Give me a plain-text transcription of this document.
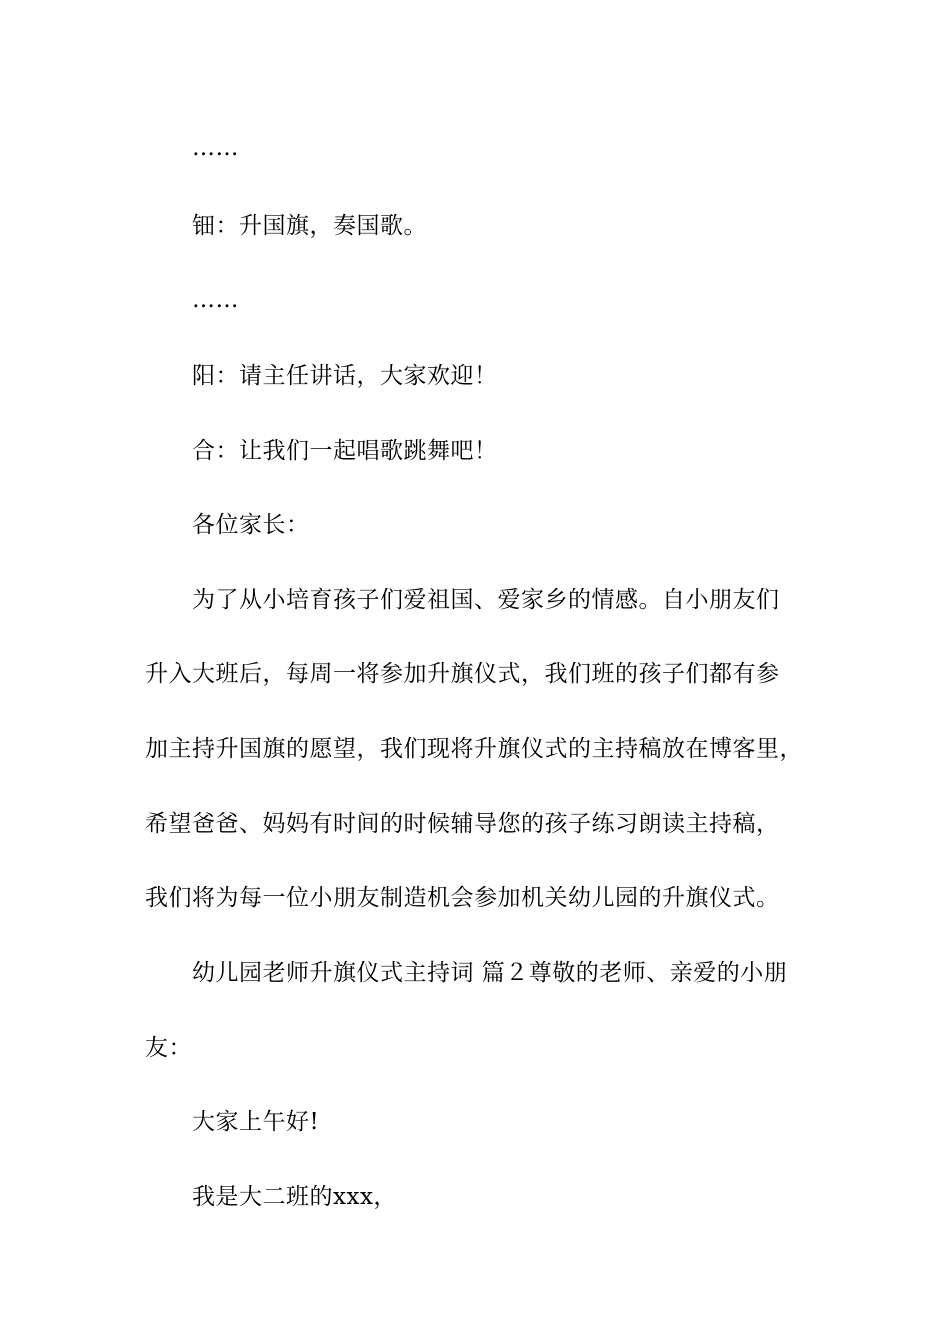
……
钿：升国旗，奏国歌。
……
阳：请主任讲话，大家欢迎！
合：让我们一起唱歌跳舞吧！
各位家长：
为了从小培育孩子们爱祖国、爱家乡的情感。自小朋友们
升入大班后，每周一将参加升旗仪式，我们班的孩子们都有参
加主持升国旗的愿望，我们现将升旗仪式的主持稿放在博客里，
希望爸爸、妈妈有时间的时候辅导您的孩子练习朗读主持稿，
我们将为每一位小朋友制造机会参加机关幼儿园的升旗仪式。
幼儿园老师升旗仪式主持词 篇２尊敬的老师、亲爱的小朋
友：
大家上午好!
我是大二班的xxx，
